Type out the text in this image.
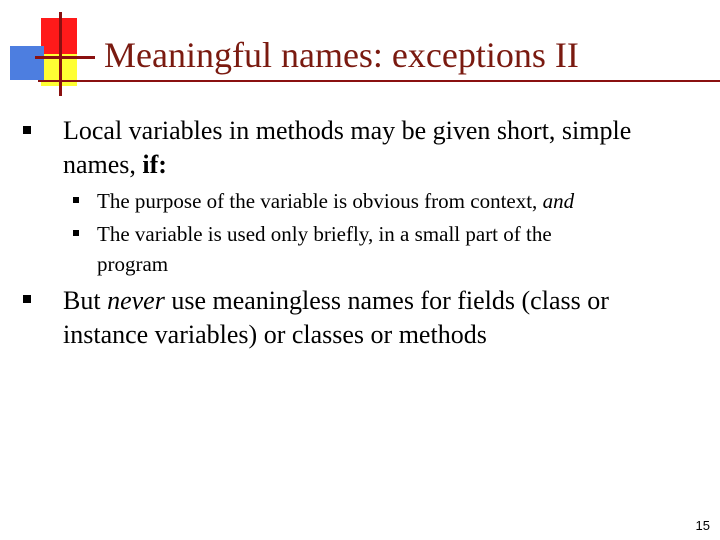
Meaningful names: exceptions II

Local variables in methods may be given short, simple
names, if:

The purpose of the variable is obvious from context, and

The variable is used only briefly, in a small part of the
program

But never use meaningless names for fields (class or
instance variables) or classes or methods

15
